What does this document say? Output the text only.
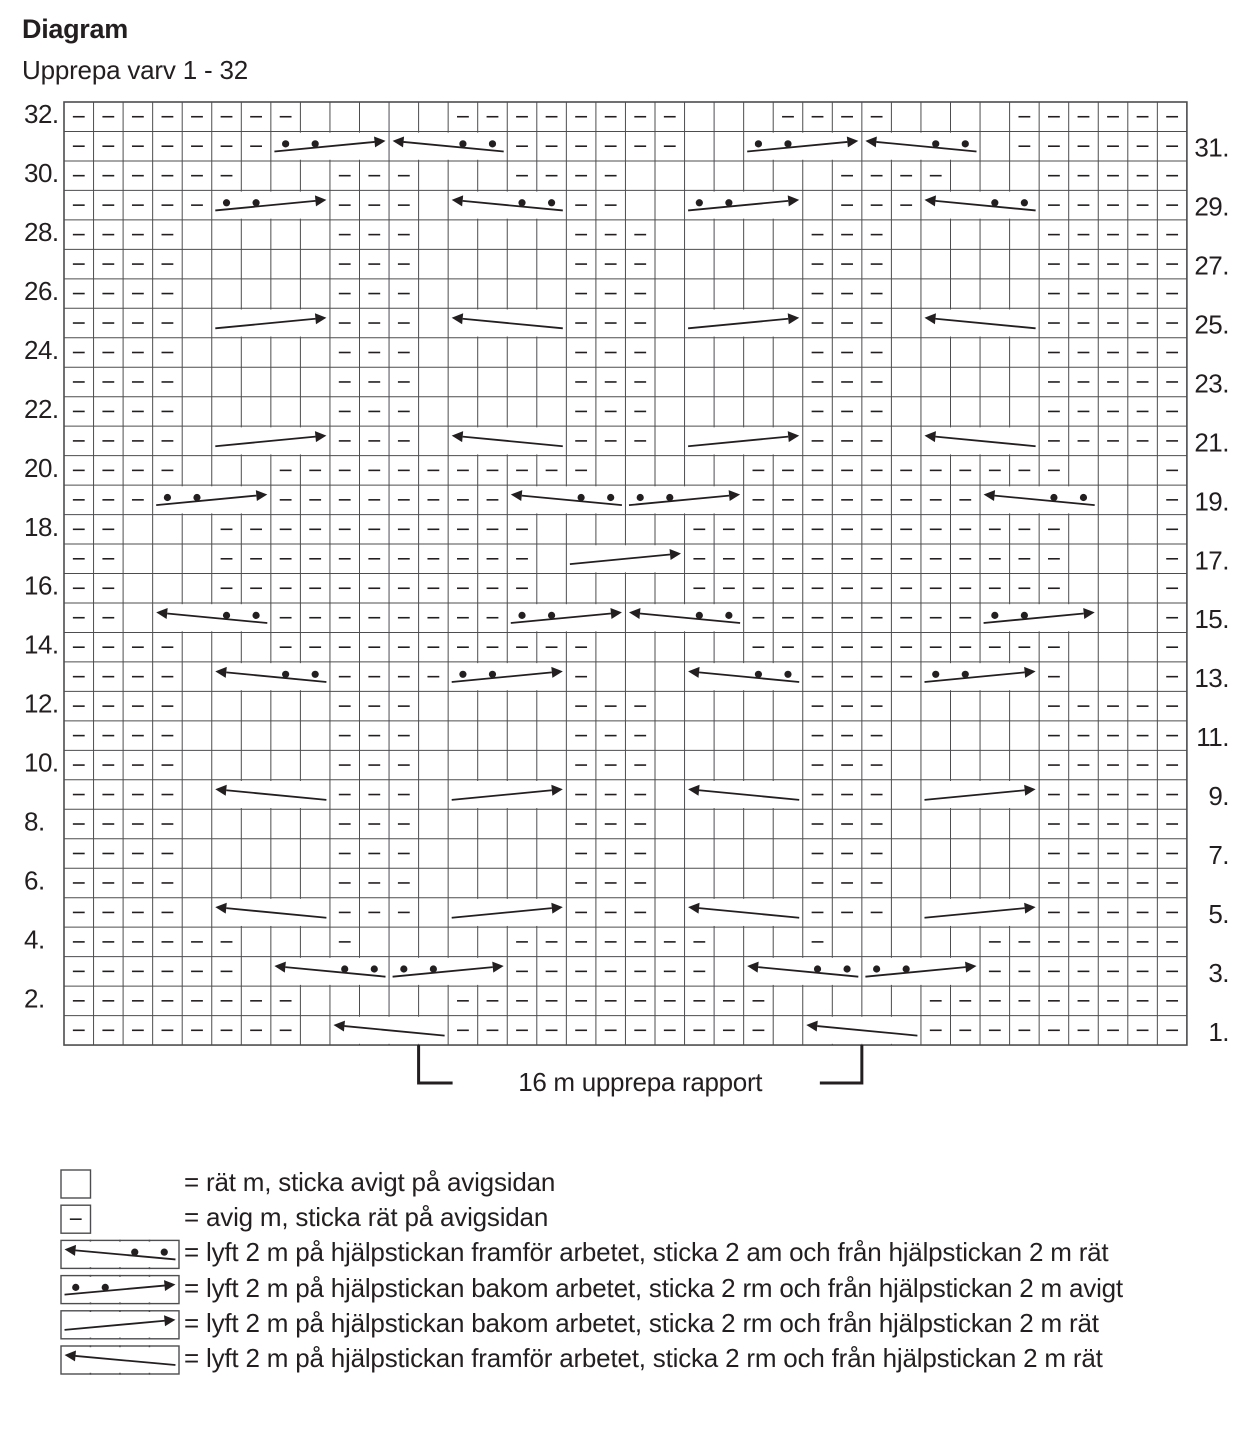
Diagram
Upprepa varv 1 - 32
32.
30.
28.
26.
24.
22.
20.
18.
16.
14.
12.
10.
8.
6.
4.
2.
31.
29.
27.
25.
23.
21.
19.
17.
15.
13.
11.
9.
7.
5.
3.
1.
16 m upprepa rapport
= rät m, sticka avigt på avigsidan
= avig m, sticka rät på avigsidan
= lyft 2 m på hjälpstickan framför arbetet, sticka 2 am och från hjälpstickan 2 m rät
= lyft 2 m på hjälpstickan bakom arbetet, sticka 2 rm och från hjälpstickan 2 m avigt
= lyft 2 m på hjälpstickan bakom arbetet, sticka 2 rm och från hjälpstickan 2 m rät
= lyft 2 m på hjälpstickan framför arbetet, sticka 2 rm och från hjälpstickan 2 m rät
